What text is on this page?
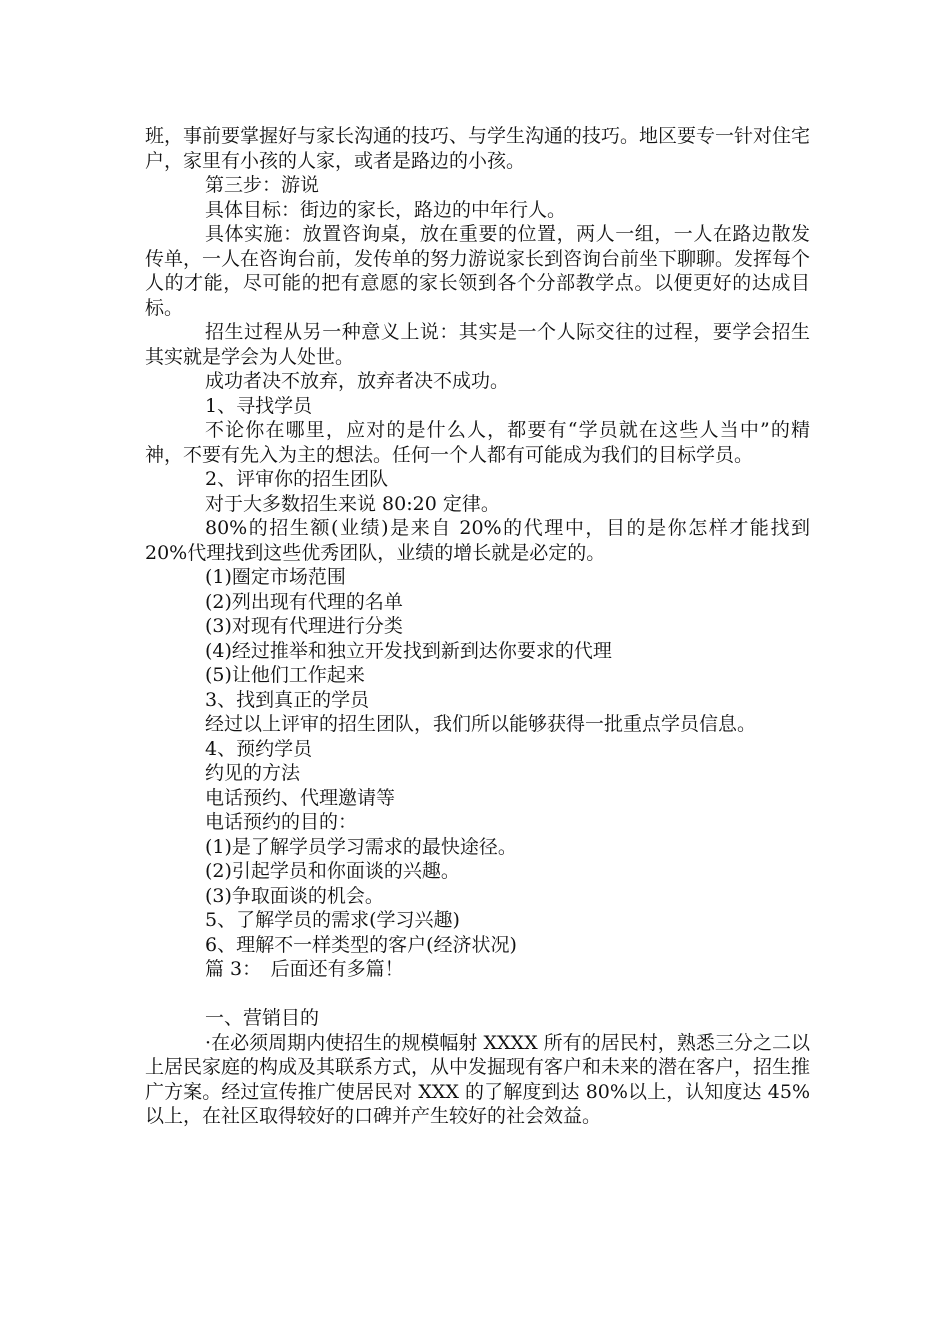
班，事前要掌握好与家长沟通的技巧、与学生沟通的技巧。地区要专一针对住宅户，家里有小孩的人家，或者是路边的小孩。

第三步：游说

具体目标：街边的家长，路边的中年行人。

具体实施：放置咨询桌，放在重要的位置，两人一组，一人在路边散发传单，一人在咨询台前，发传单的努力游说家长到咨询台前坐下聊聊。发挥每个人的才能，尽可能的把有意愿的家长领到各个分部教学点。以便更好的达成目标。

招生过程从另一种意义上说：其实是一个人际交往的过程，要学会招生其实就是学会为人处世。

成功者决不放弃，放弃者决不成功。

1、寻找学员

不论你在哪里，应对的是什么人，都要有“学员就在这些人当中”的精神，不要有先入为主的想法。任何一个人都有可能成为我们的目标学员。

2、评审你的招生团队

对于大多数招生来说 80:20 定律。

80%的招生额(业绩)是来自 20%的代理中，目的是你怎样才能找到 20%代理找到这些优秀团队，业绩的增长就是必定的。

(1)圈定市场范围

(2)列出现有代理的名单

(3)对现有代理进行分类

(4)经过推举和独立开发找到新到达你要求的代理

(5)让他们工作起来

3、找到真正的学员

经过以上评审的招生团队，我们所以能够获得一批重点学员信息。

4、预约学员

约见的方法

电话预约、代理邀请等

电话预约的目的：

(1)是了解学员学习需求的最快途径。

(2)引起学员和你面谈的兴趣。

(3)争取面谈的机会。

5、了解学员的需求(学习兴趣)

6、理解不一样类型的客户(经济状况)

篇 3：　后面还有多篇！

一、营销目的

·在必须周期内使招生的规模幅射 XXXX 所有的居民村，熟悉三分之二以上居民家庭的构成及其联系方式，从中发掘现有客户和未来的潜在客户，招生推广方案。经过宣传推广使居民对 XXX 的了解度到达 80%以上，认知度达 45%以上，在社区取得较好的口碑并产生较好的社会效益。
